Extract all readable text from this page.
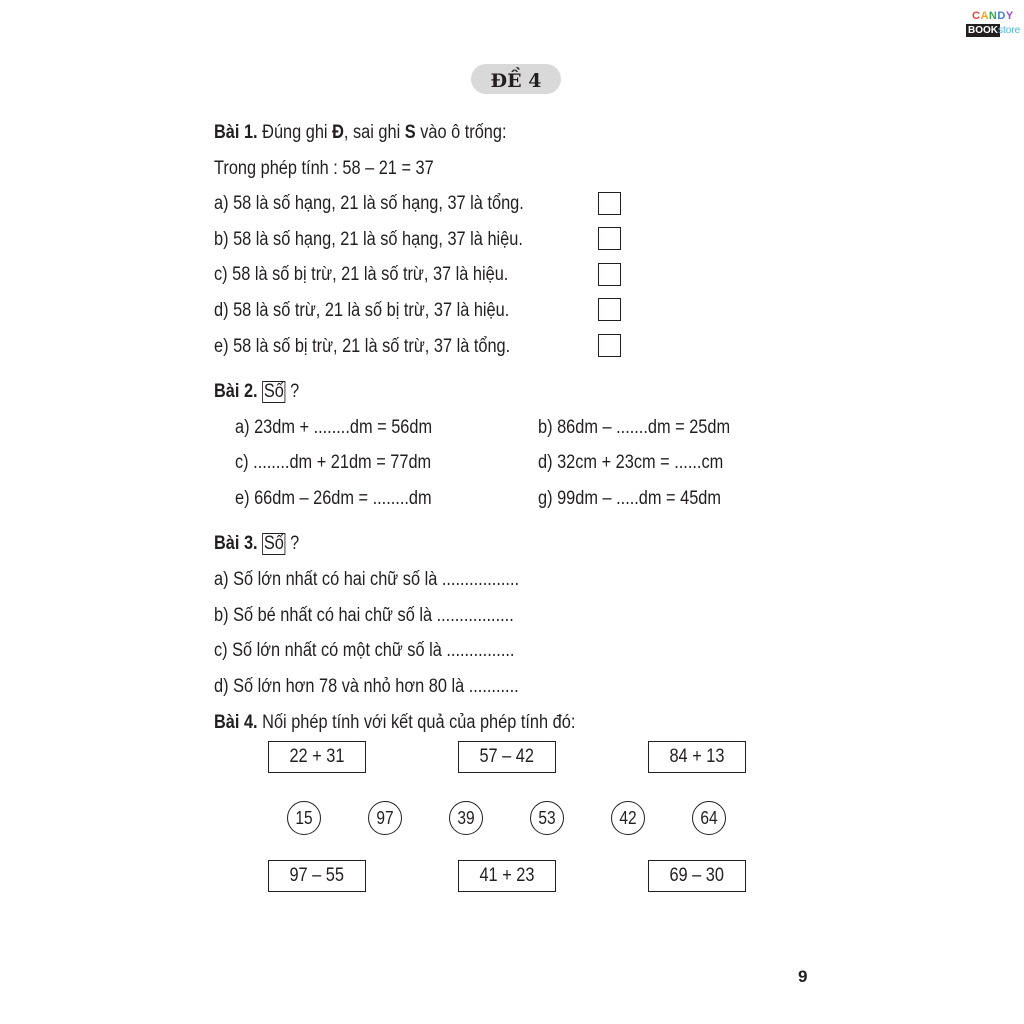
CANDY
BOOK store
ĐỀ 4
Bài 1. Đúng ghi Đ, sai ghi S vào ô trống:
Trong phép tính : 58 – 21 = 37
a) 58 là số hạng, 21 là số hạng, 37 là tổng.
b) 58 là số hạng, 21 là số hạng, 37 là hiệu.
c) 58 là số bị trừ, 21 là số trừ, 37 là hiệu.
d) 58 là số trừ, 21 là số bị trừ, 37 là hiệu.
e) 58 là số bị trừ, 21 là số trừ, 37 là tổng.
Bài 2. Số ?
a) 23dm + ........dm = 56dm	b) 86dm – .......dm = 25dm
c) ........dm + 21dm = 77dm	d) 32cm + 23cm = ......cm
e) 66dm – 26dm = ........dm	g) 99dm – .....dm = 45dm
Bài 3. Số ?
a) Số lớn nhất có hai chữ số là .................
b) Số bé nhất có hai chữ số là .................
c) Số lớn nhất có một chữ số là ...............
d) Số lớn hơn 78 và nhỏ hơn 80 là ...........
Bài 4. Nối phép tính với kết quả của phép tính đó:
22 + 31	57 – 42	84 + 13
15	97	39	53	42	64
97 – 55	41 + 23	69 – 30
9
